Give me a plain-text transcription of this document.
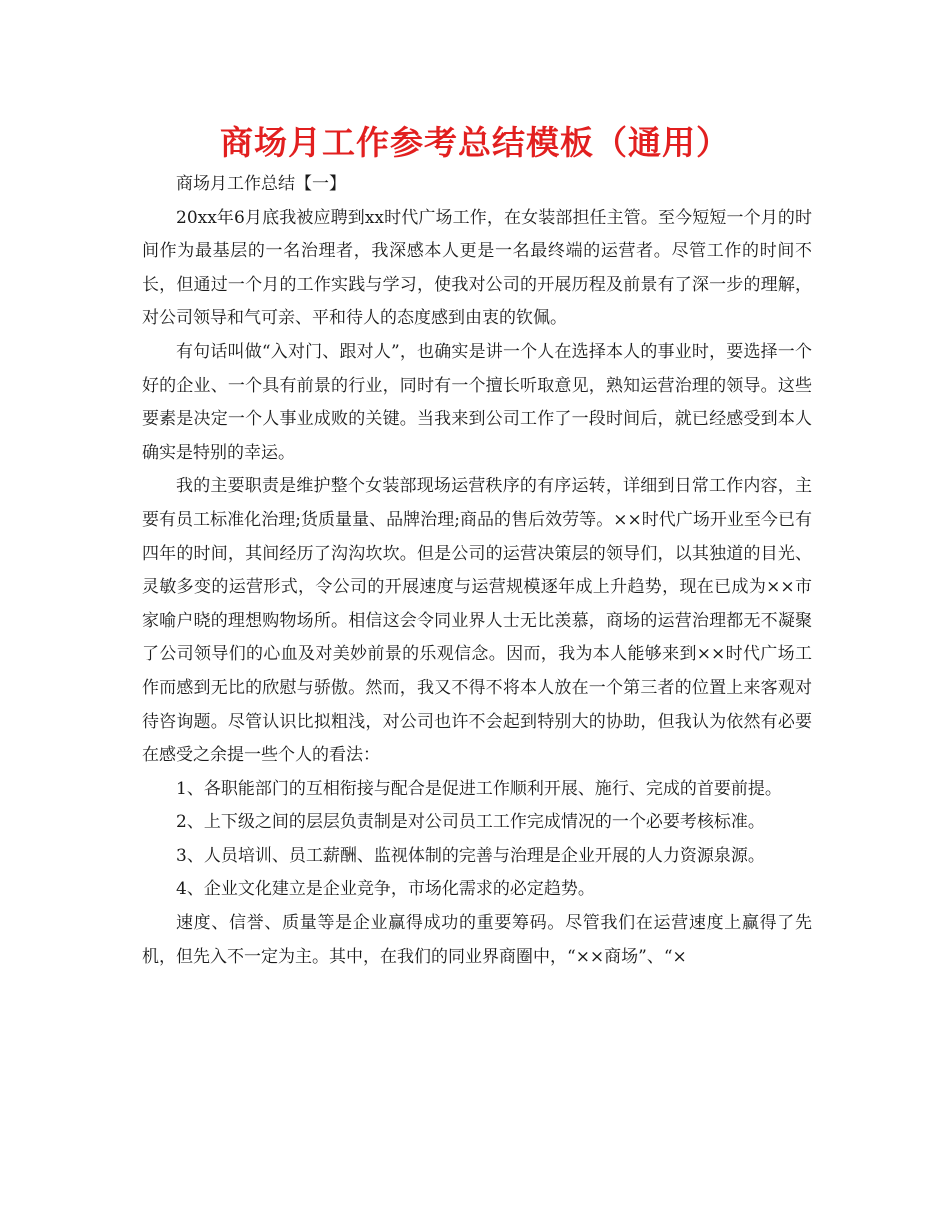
商场月工作参考总结模板（通用）

商场月工作总结【一】

20xx年6月底我被应聘到xx时代广场工作，在女装部担任主管。至今短短一个月的时间作为最基层的一名治理者，我深感本人更是一名最终端的运营者。尽管工作的时间不长，但通过一个月的工作实践与学习，使我对公司的开展历程及前景有了深一步的理解，对公司领导和气可亲、平和待人的态度感到由衷的钦佩。

有句话叫做“入对门、跟对人”，也确实是讲一个人在选择本人的事业时，要选择一个好的企业、一个具有前景的行业，同时有一个擅长听取意见，熟知运营治理的领导。这些要素是决定一个人事业成败的关键。当我来到公司工作了一段时间后，就已经感受到本人确实是特别的幸运。

我的主要职责是维护整个女装部现场运营秩序的有序运转，详细到日常工作内容，主要有员工标准化治理;货质量量、品牌治理;商品的售后效劳等。××时代广场开业至今已有四年的时间，其间经历了沟沟坎坎。但是公司的运营决策层的领导们，以其独道的目光、灵敏多变的运营形式，令公司的开展速度与运营规模逐年成上升趋势，现在已成为××市家喻户晓的理想购物场所。相信这会令同业界人士无比羡慕，商场的运营治理都无不凝聚了公司领导们的心血及对美妙前景的乐观信念。因而，我为本人能够来到××时代广场工作而感到无比的欣慰与骄傲。然而，我又不得不将本人放在一个第三者的位置上来客观对待咨询题。尽管认识比拟粗浅，对公司也许不会起到特别大的协助，但我认为依然有必要在感受之余提一些个人的看法：

1、各职能部门的互相衔接与配合是促进工作顺利开展、施行、完成的首要前提。

2、上下级之间的层层负责制是对公司员工工作完成情况的一个必要考核标准。

3、人员培训、员工薪酬、监视体制的完善与治理是企业开展的人力资源泉源。

4、企业文化建立是企业竞争，市场化需求的必定趋势。

速度、信誉、质量等是企业赢得成功的重要筹码。尽管我们在运营速度上赢得了先机，但先入不一定为主。其中，在我们的同业界商圈中，“××商场”、“×
